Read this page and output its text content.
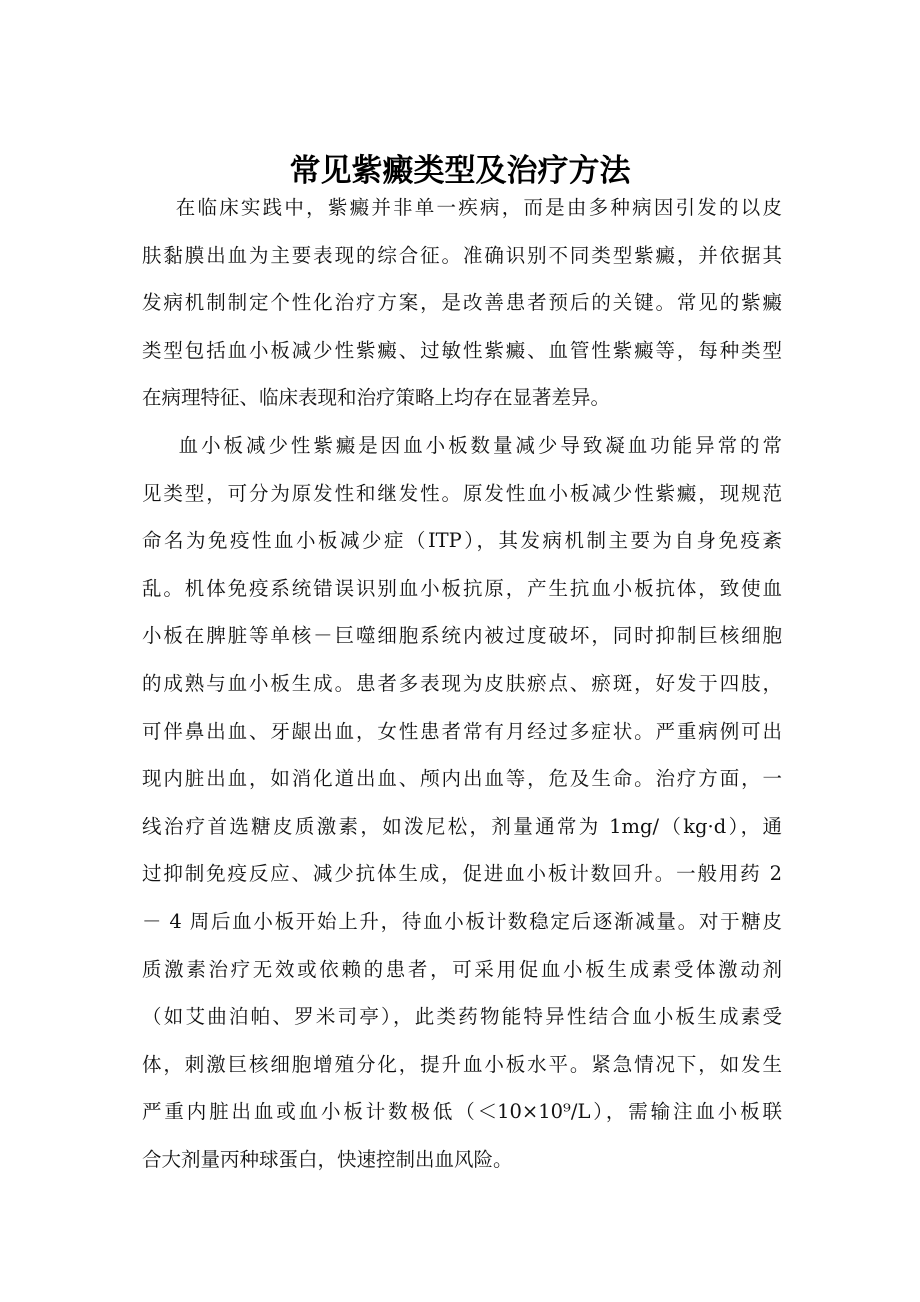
常见紫癜类型及治疗方法
在临床实践中，紫癜并非单一疾病，而是由多种病因引发的以皮
肤黏膜出血为主要表现的综合征。准确识别不同类型紫癜，并依据其
发病机制制定个性化治疗方案，是改善患者预后的关键。常见的紫癜
类型包括血小板减少性紫癜、过敏性紫癜、血管性紫癜等，每种类型
在病理特征、临床表现和治疗策略上均存在显著差异。
血小板减少性紫癜是因血小板数量减少导致凝血功能异常的常
见类型，可分为原发性和继发性。原发性血小板减少性紫癜，现规范
命名为免疫性血小板减少症（ITP），其发病机制主要为自身免疫紊
乱。机体免疫系统错误识别血小板抗原，产生抗血小板抗体，致使血
小板在脾脏等单核－巨噬细胞系统内被过度破坏，同时抑制巨核细胞
的成熟与血小板生成。患者多表现为皮肤瘀点、瘀斑，好发于四肢，
可伴鼻出血、牙龈出血，女性患者常有月经过多症状。严重病例可出
现内脏出血，如消化道出血、颅内出血等，危及生命。治疗方面，一
线治疗首选糖皮质激素，如泼尼松，剂量通常为 1mg/（kg·d），通
过抑制免疫反应、减少抗体生成，促进血小板计数回升。一般用药 2
－ 4 周后血小板开始上升，待血小板计数稳定后逐渐减量。对于糖皮
质激素治疗无效或依赖的患者，可采用促血小板生成素受体激动剂
（如艾曲泊帕、罗米司亭），此类药物能特异性结合血小板生成素受
体，刺激巨核细胞增殖分化，提升血小板水平。紧急情况下，如发生
严重内脏出血或血小板计数极低（＜10×10⁹/L），需输注血小板联
合大剂量丙种球蛋白，快速控制出血风险。
